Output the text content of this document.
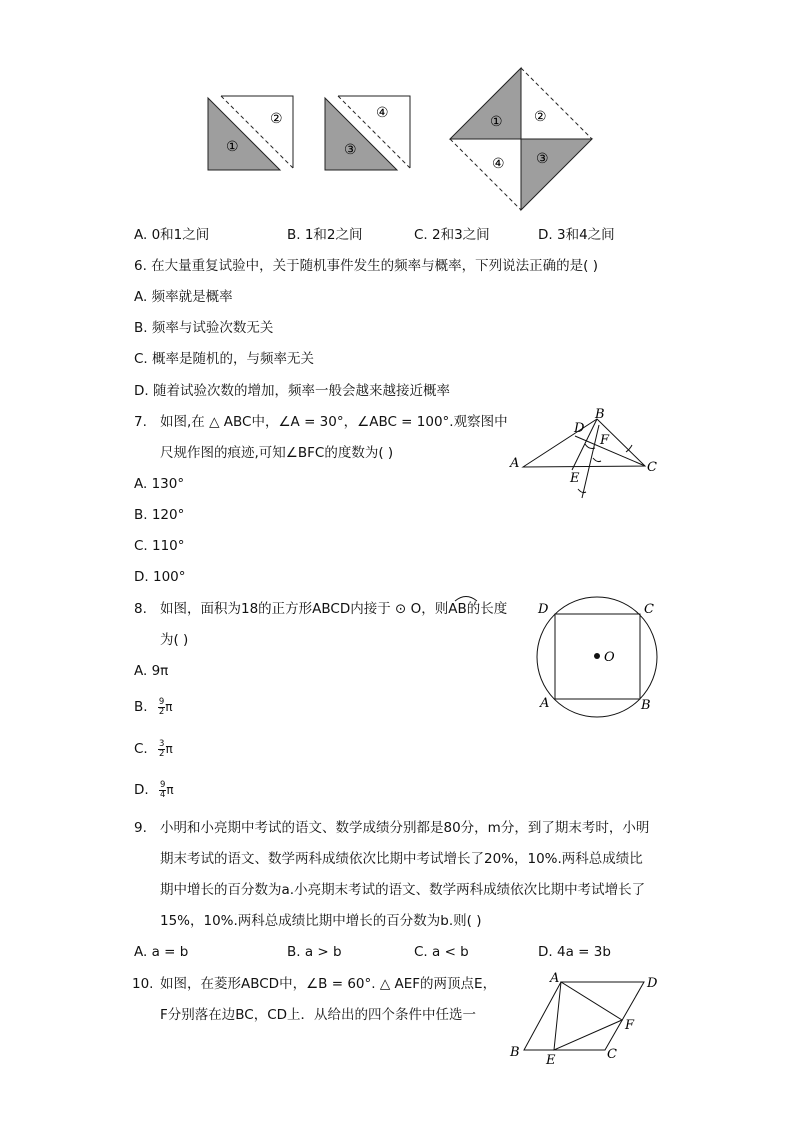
①
②
③
④
① ②
④ ③
A. 0和1之间	B. 1和2之间	C. 2和3之间	D. 3和4之间
6. 在大量重复试验中，关于随机事件发生的频率与概率，下列说法正确的是( )
A. 频率就是概率
B. 频率与试验次数无关
C. 概率是随机的，与频率无关
D. 随着试验次数的增加，频率一般会越来越接近概率
7. 如图,在 △ ABC中，∠A = 30°，∠ABC = 100°.观察图中
尺规作图的痕迹,可知∠BFC的度数为( )
A. 130°
B. 120°
C. 110°
D. 100°
A
B
C
D
E
F
8. 如图，面积为18的正方形ABCD内接于 ⊙ O，则AB的长度
为( )
A. 9π
B. $\frac{9}{2}$ π
C. $\frac{3}{2}$ π
D. $\frac{9}{4}$ π
D	C
A	B
O
9. 小明和小亮期中考试的语文、数学成绩分别都是80分，m分，到了期末考时，小明
期末考试的语文、数学两科成绩依次比期中考试增长了20%，10%.两科总成绩比
期中增长的百分数为a.小亮期末考试的语文、数学两科成绩依次比期中考试增长了
15%，10%.两科总成绩比期中增长的百分数为b.则( )
A. a = b	B. a > b	C. a < b	D. 4a = 3b
10. 如图，在菱形ABCD中，∠B = 60°. △ AEF的两顶点E，
F分别落在边BC，CD上．从给出的四个条件中任选一
A	D
B	C
E
F
